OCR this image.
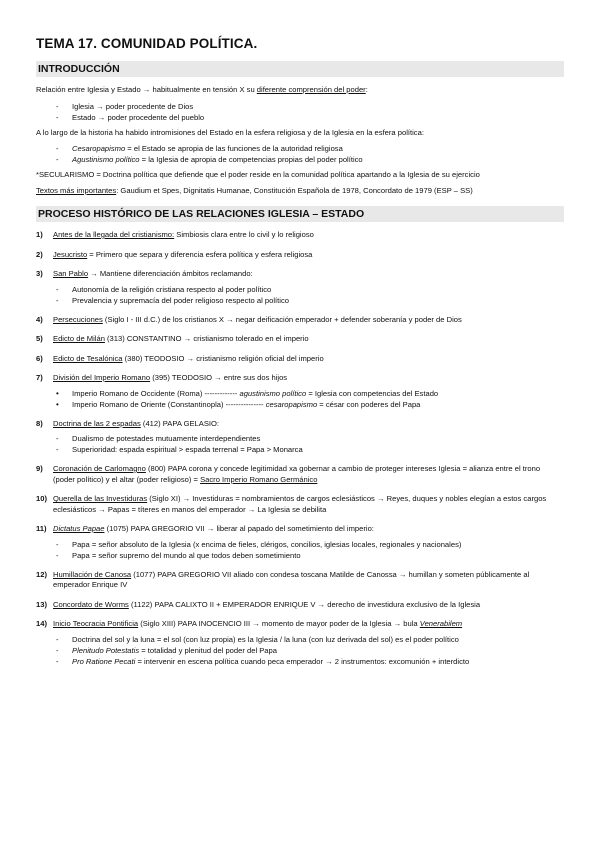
TEMA 17. COMUNIDAD POLÍTICA.
INTRODUCCIÓN

Relación entre Iglesia y Estado → habitualmente en tensión X su diferente comprensión del poder:

- Iglesia → poder procedente de Dios
- Estado → poder procedente del pueblo

A lo largo de la historia ha habido intromisiones del Estado en la esfera religiosa y de la Iglesia en la esfera política:

- Cesaropapismo = el Estado se apropia de las funciones de la autoridad religiosa
- Agustinismo político = la Iglesia de apropia de competencias propias del poder político

*SECULARISMO = Doctrina política que defiende que el poder reside en la comunidad política apartando a la Iglesia de su ejercicio

Textos más importantes: Gaudium et Spes, Dignitatis Humanae, Constitución Española de 1978, Concordato de 1979 (ESP – SS)

PROCESO HISTÓRICO DE LAS RELACIONES IGLESIA – ESTADO
1) Antes de la llegada del cristianismo: Simbiosis clara entre lo civil y lo religioso
2) Jesucristo = Primero que separa y diferencia esfera política y esfera religiosa
3) San Pablo → Mantiene diferenciación ámbitos reclamando:
- Autonomía de la religión cristiana respecto al poder político
- Prevalencia y supremacía del poder religioso respecto al político
4) Persecuciones (Siglo I - III d.C.) de los cristianos X → negar deificación emperador + defender soberanía y poder de Dios
5) Edicto de Milán (313) CONSTANTINO → cristianismo tolerado en el imperio
6) Edicto de Tesalónica (380) TEODOSIO → cristianismo religión oficial del imperio
7) División del Imperio Romano (395) TEODOSIO → entre sus dos hijos
• Imperio Romano de Occidente (Roma) ------------- agustinismo político = Iglesia con competencias del Estado
• Imperio Romano de Oriente (Constantinopla) --------------- cesaropapismo = césar con poderes del Papa
8) Doctrina de las 2 espadas (412) PAPA GELASIO:
- Dualismo de potestades mutuamente interdependientes
- Superioridad: espada espiritual > espada terrenal = Papa > Monarca
9) Coronación de Carlomagno (800) PAPA corona y concede legitimidad xa gobernar a cambio de proteger intereses Iglesia = alianza entre el trono (poder político) y el altar (poder religioso) = Sacro Imperio Romano Germánico
10) Querella de las Investiduras (Siglo XI) → Investiduras = nombramientos de cargos eclesiásticos → Reyes, duques y nobles elegían a estos cargos eclesiásticos → Papas = títeres en manos del emperador → La Iglesia se debilita
11) Dictatus Papae (1075) PAPA GREGORIO VII → liberar al papado del sometimiento del imperio:
- Papa = señor absoluto de la Iglesia (x encima de fieles, clérigos, concilios, iglesias locales, regionales y nacionales)
- Papa = señor supremo del mundo al que todos deben sometimiento
12) Humillación de Canosa (1077) PAPA GREGORIO VII aliado con condesa toscana Matilde de Canossa → humillan y someten públicamente al emperador Enrique IV
13) Concordato de Worms (1122) PAPA CALIXTO II + EMPERADOR ENRIQUE V → derecho de investidura exclusivo de la Iglesia
14) Inicio Teocracia Pontificia (Siglo XIII) PAPA INOCENCIO III → momento de mayor poder de la Iglesia → bula Venerabilem
- Doctrina del sol y la luna = el sol (con luz propia) es la Iglesia / la luna (con luz derivada del sol) es el poder político
- Plenitudo Potestatis = totalidad y plenitud del poder del Papa
- Pro Ratione Pecati = intervenir en escena política cuando peca emperador → 2 instrumentos: excomunión + interdicto
